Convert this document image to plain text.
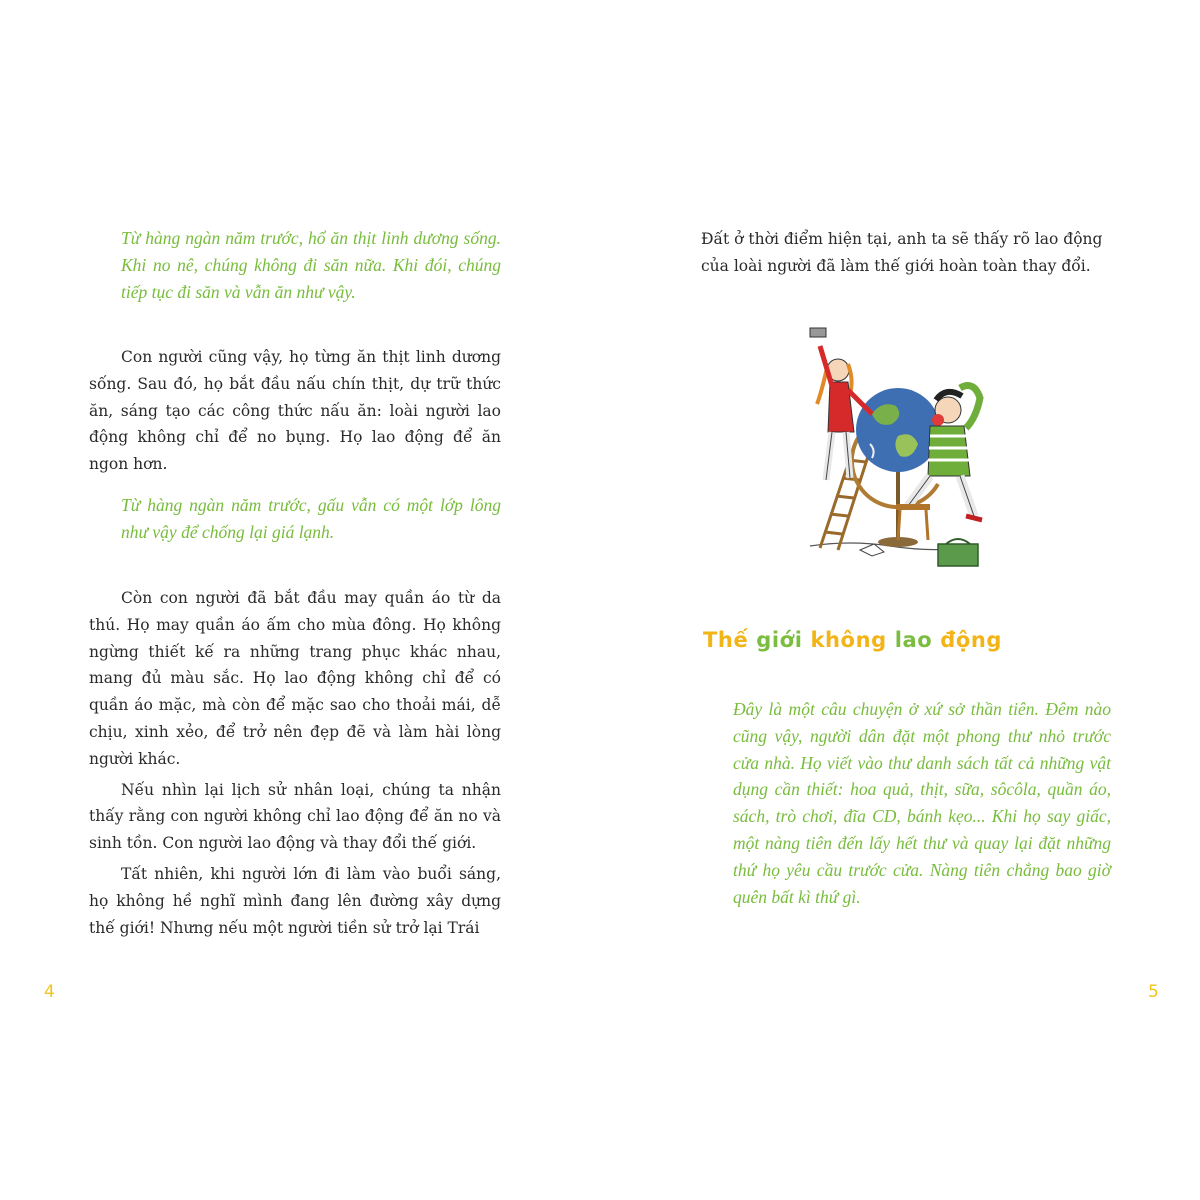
Từ hàng ngàn năm trước, hổ ăn thịt linh dương sống. Khi no nê, chúng không đi săn nữa. Khi đói, chúng tiếp tục đi săn và vẫn ăn như vậy.

Con người cũng vậy, họ từng ăn thịt linh dương sống. Sau đó, họ bắt đầu nấu chín thịt, dự trữ thức ăn, sáng tạo các công thức nấu ăn: loài người lao động không chỉ để no bụng. Họ lao động để ăn ngon hơn.

Từ hàng ngàn năm trước, gấu vẫn có một lớp lông như vậy để chống lại giá lạnh.

Còn con người đã bắt đầu may quần áo từ da thú. Họ may quần áo ấm cho mùa đông. Họ không ngừng thiết kế ra những trang phục khác nhau, mang đủ màu sắc. Họ lao động không chỉ để có quần áo mặc, mà còn để mặc sao cho thoải mái, dễ chịu, xinh xẻo, để trở nên đẹp đẽ và làm hài lòng người khác.

Nếu nhìn lại lịch sử nhân loại, chúng ta nhận thấy rằng con người không chỉ lao động để ăn no và sinh tồn. Con người lao động và thay đổi thế giới.

Tất nhiên, khi người lớn đi làm vào buổi sáng, họ không hề nghĩ mình đang lên đường xây dựng thế giới! Nhưng nếu một người tiền sử trở lại Trái

4

Đất ở thời điểm hiện tại, anh ta sẽ thấy rõ lao động của loài người đã làm thế giới hoàn toàn thay đổi.

Thế giới không lao động

Đây là một câu chuyện ở xứ sở thần tiên. Đêm nào cũng vậy, người dân đặt một phong thư nhỏ trước cửa nhà. Họ viết vào thư danh sách tất cả những vật dụng cần thiết: hoa quả, thịt, sữa, sôcôla, quần áo, sách, trò chơi, đĩa CD, bánh kẹo... Khi họ say giấc, một nàng tiên đến lấy hết thư và quay lại đặt những thứ họ yêu cầu trước cửa. Nàng tiên chẳng bao giờ quên bất kì thứ gì.

5
